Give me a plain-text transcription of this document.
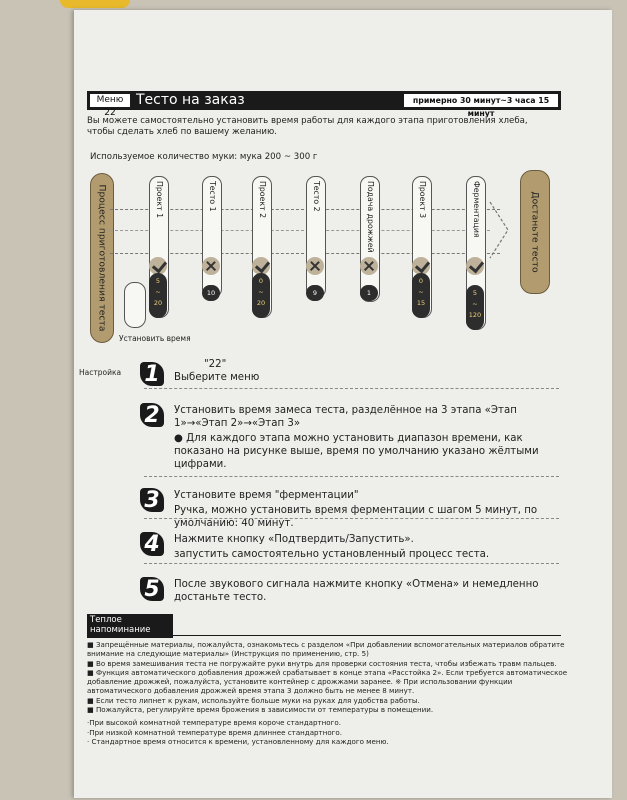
Меню 22
Тесто на заказ	примерно 30 минут~3 часа 15 минут
Вы можете самостоятельно установить время работы для каждого этапа приготовления хлеба, чтобы сделать хлеб по вашему желанию.
Используемое количество муки: мука 200 ~ 300 г
Процесс приготовления теста	Достаньте тесто
Установить время
Проект 1
5
~
20
Тесто 1
10
Проект 2
0
~
20
Тесто 2
9
Подача дрожжей
1
Проект 3
0
~
15
Ферментация
5
~
120
Настройка 1	"22"
Выберите меню
2	Установить время замеса теста, разделённое на 3 этапа «Этап 1»→«Этап 2»→«Этап 3»
● Для каждого этапа можно установить диапазон времени, как показано на рисунке выше, время по умолчанию указано жёлтыми цифрами.
3	Установите время "ферментации"
Ручка, можно установить время ферментации с шагом 5 минут, по умолчанию: 40 минут.
4	Нажмите кнопку «Подтвердить/Запустить».
запустить самостоятельно установленный процесс теста.
5	После звукового сигнала нажмите кнопку «Отмена» и немедленно достаньте тесто.
Теплое напоминание
■ Запрещённые материалы, пожалуйста, ознакомьтесь с разделом «При добавлении вспомогательных материалов обратите
внимание на следующие материалы» (Инструкция по применению, стр. 5)
■ Во время замешивания теста не погружайте руки внутрь для проверки состояния теста, чтобы избежать травм пальцев.
■ Функция автоматического добавления дрожжей срабатывает в конце этапа «Расстойка 2». Если требуется автоматическое
добавление дрожжей, пожалуйста, установите контейнер с дрожжами заранее. ※ При использовании функции
автоматического добавления дрожжей время этапа 3 должно быть не менее 8 минут.
■ Если тесто липнет к рукам, используйте больше муки на руках для удобства работы.
■ Пожалуйста, регулируйте время брожения в зависимости от температуры в помещении.
·При высокой комнатной температуре время короче стандартного.
·При низкой комнатной температуре время длиннее стандартного.
· Стандартное время относится к времени, установленному для каждого меню.
